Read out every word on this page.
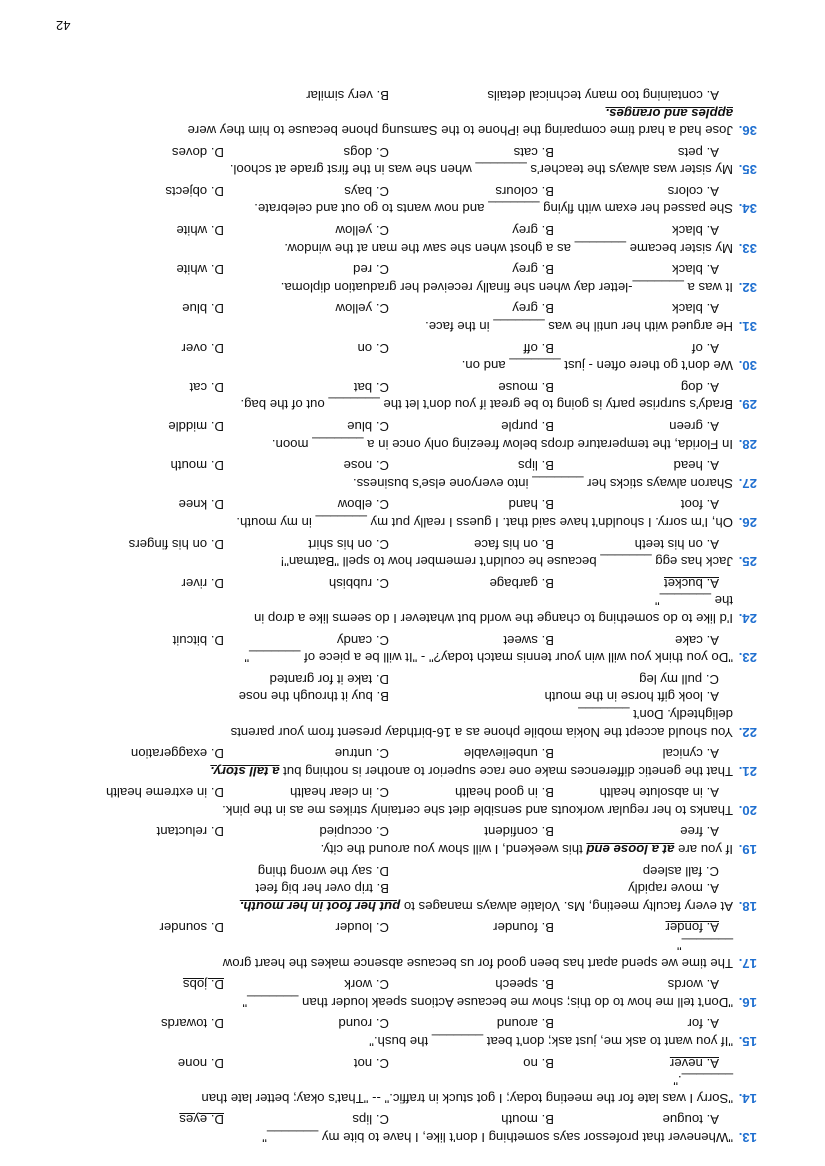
13.
"Whenever that professor says something I don't like, I have to bite my _______"
A. tougue
B. mouth
C. lips
D. eyes
14.
"Sorry I was late for the meeting today; I got stuck in traffic." -- "That's okay; better late than
_______."
A. never
B. no
C. not
D. none
15.
"If you want to ask me, just ask; don't beat _______ the bush."
A. for
B. around
C. round
D. towards
16.
"Don't tell me how to do this; show me because Actions speak louder than _______"
A. words
B. speech
C. work
D. jobs
17.
The time we spend apart has been good for us because absence makes the heart grow
_______"
A. fonder
B. founder
C. louder
D. sounder
18.
At every faculty meeting, Ms. Volatie always manages to put her foot in her mouth.
A. move rapidly
B. trip over her big feet
C. fall asleep
D. say the wrong thing
19.
If you are at a loose end this weekend, I will show you around the city.
A. free
B. confident
C. occupied
D. reluctant
20.
Thanks to her regular workouts and sensible diet she certainly strikes me as in the pink.
A. in absolute health
B. in good health
C. in clear health
D. in extreme health
21.
That the genetic differences make one race superior to another is nothing but a tall story.
A. cynical
B. unbelievable
C. untrue
D. exaggeration
22.
You should accept the Nokia mobile phone as a 16-birthday present from your parents
delightedly. Don't _______
A. look gift horse in the mouth
B. buy it through the nose
C. pull my leg
D. take it for granted
23.
"Do you think you will win your tennis match today?" - "It will be a piece of _______"
A. cake
B. sweet
C. candy
D. bitcuit
24.
I'd like to do something to change the world but whatever I do seems like a drop in
the _______"
A. bucket
B. garbage
C. rubbish
D. river
25.
Jack has egg _______ because he couldn't remember how to spell "Batman"!
A. on his teeth
B. on his face
C. on his shirt
D. on his fingers
26.
Oh, I'm sorry. I shouldn't have said that. I guess I really put my _______ in my mouth.
A. foot
B. hand
C. elbow
D. knee
27.
Sharon always sticks her _______ into everyone else's business.
A. head
B. lips
C. nose
D. mouth
28.
In Florida, the temperature drops below freezing only once in a _______ moon.
A. green
B. purple
C. blue
D. middle
29.
Brady's surprise party is going to be great if you don't let the _______ out of the bag.
A. dog
B. mouse
C. bat
D. cat
30.
We don't go there often - just _______ and on.
A. of
B. off
C. on
D. over
31.
He argued with her until he was _______ in the face.
A. black
B. grey
C. yellow
D. blue
32.
It was a _______-letter day when she finally received her graduation diploma.
A. black
B. grey
C. red
D. white
33.
My sister became _______ as a ghost when she saw the man at the window.
A. black
B. grey
C. yellow
D. white
34.
She passed her exam with flying _______ and now wants to go out and celebrate.
A. colors
B. colours
C. bays
D. objects
35.
My sister was always the teacher's _______ when she was in the first grade at school.
A. pets
B. cats
C. dogs
D. doves
36.
Jose had a hard time comparing the iPhone to the Samsung phone because to him they were
apples and oranges.
A. containing too many technical details
B. very similar
42
